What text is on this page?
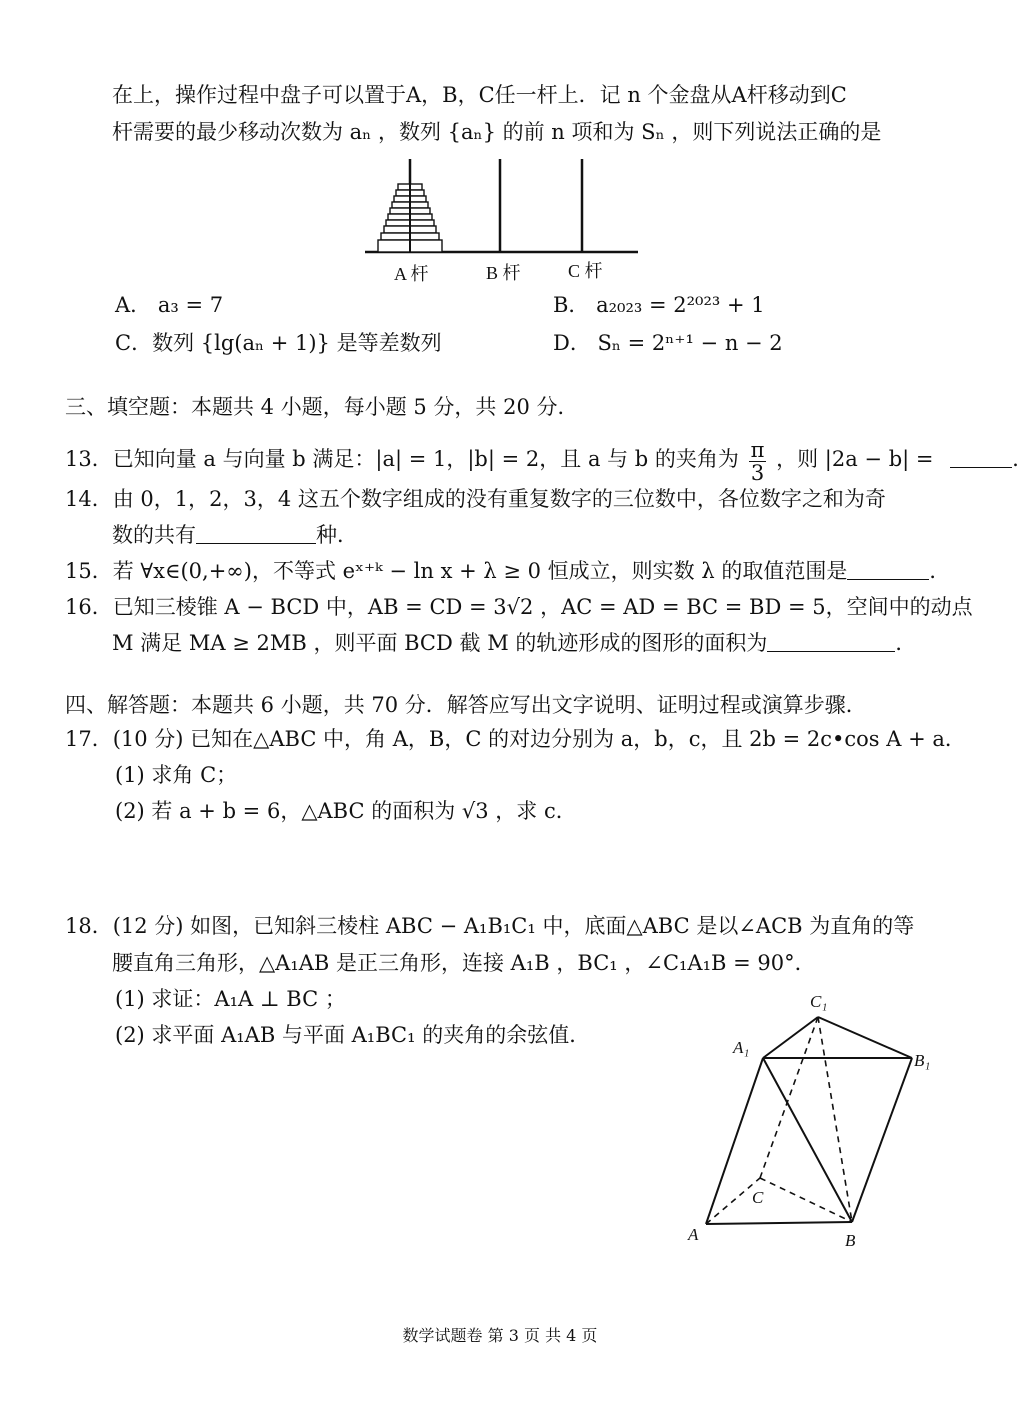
在上，操作过程中盘子可以置于A，B，C任一杆上．记 n 个金盘从A杆移动到C
杆需要的最少移动次数为 aₙ ，数列 {aₙ} 的前 n 项和为 Sₙ ，则下列说法正确的是
A 杆	B 杆	C 杆
A． a₃ = 7	B． a₂₀₂₃ = 2²⁰²³ + 1
C．数列 {lg(aₙ + 1)} 是等差数列	D． Sₙ = 2ⁿ⁺¹ − n − 2
三、填空题：本题共 4 小题，每小题 5 分，共 20 分．
13．已知向量 a 与向量 b 满足：|a| = 1，|b| = 2，且 a 与 b 的夹角为 $\frac{\pi}{3}$ ，则 |2a − b| =	．
14．由 0，1，2，3，4 这五个数字组成的没有重复数字的三位数中，各位数字之和为奇
数的共有	种．
15．若 ∀x∈(0,+∞)，不等式 eˣ⁺ᵏ − ln x + λ ≥ 0 恒成立，则实数 λ 的取值范围是	．
16．已知三棱锥 A − BCD 中，AB = CD = 3√2 ，AC = AD = BC = BD = 5，空间中的动点
M 满足 MA ≥ 2MB ，则平面 BCD 截 M 的轨迹形成的图形的面积为	．
四、解答题：本题共 6 小题，共 70 分．解答应写出文字说明、证明过程或演算步骤．
17．(10 分) 已知在△ABC 中，角 A，B，C 的对边分别为 a，b，c，且 2b = 2c•cos A + a．
(1) 求角 C；
(2) 若 a + b = 6，△ABC 的面积为 √3 ，求 c．
18．(12 分) 如图，已知斜三棱柱 ABC − A₁B₁C₁ 中，底面△ABC 是以∠ACB 为直角的等
腰直角三角形，△A₁AB 是正三角形，连接 A₁B ，BC₁ ，∠C₁A₁B = 90°．
(1) 求证：A₁A ⊥ BC ；
(2) 求平面 A₁AB 与平面 A₁BC₁ 的夹角的余弦值．
C₁
A₁
B₁
C
A	B
数学试题卷 第 3 页 共 4 页
